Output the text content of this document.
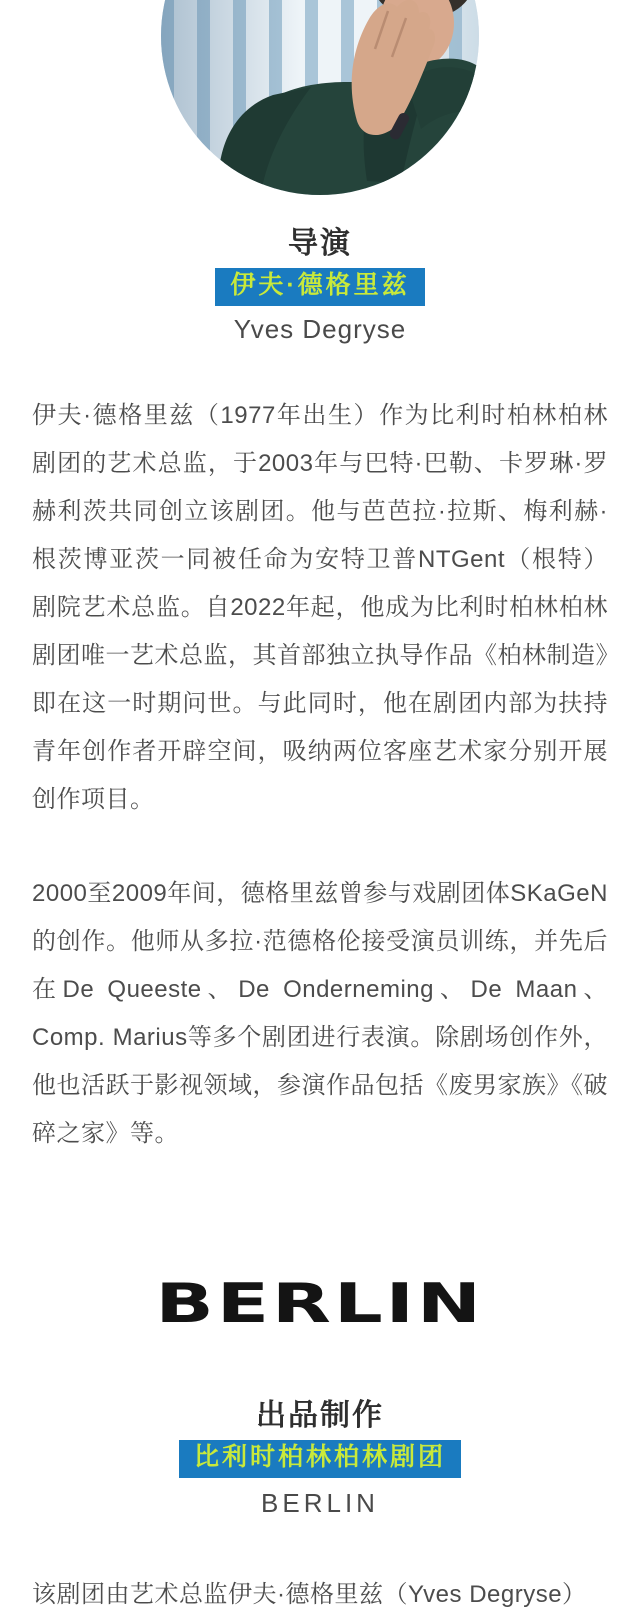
导演
伊夫·德格里兹
Yves Degryse

伊夫·德格里兹（1977年出生）作为比利时柏林柏林剧团的艺术总监，于2003年与巴特·巴勒、卡罗琳·罗赫利茨共同创立该剧团。他与芭芭拉·拉斯、梅利赫·根茨博亚茨一同被任命为安特卫普NTGent（根特）剧院艺术总监。自2022年起，他成为比利时柏林柏林剧团唯一艺术总监，其首部独立执导作品《柏林制造》即在这一时期问世。与此同时，他在剧团内部为扶持青年创作者开辟空间，吸纳两位客座艺术家分别开展创作项目。

2000至2009年间，德格里兹曾参与戏剧团体SKaGeN的创作。他师从多拉·范德格伦接受演员训练，并先后在De Queeste、De Onderneming、De Maan、Comp. Marius等多个剧团进行表演。除剧场创作外，他也活跃于影视领域，参演作品包括《废男家族》《破碎之家》等。

BERLIN
出品制作
比利时柏林柏林剧团
BERLIN
该剧团由艺术总监伊夫·德格里兹（Yves Degryse）
